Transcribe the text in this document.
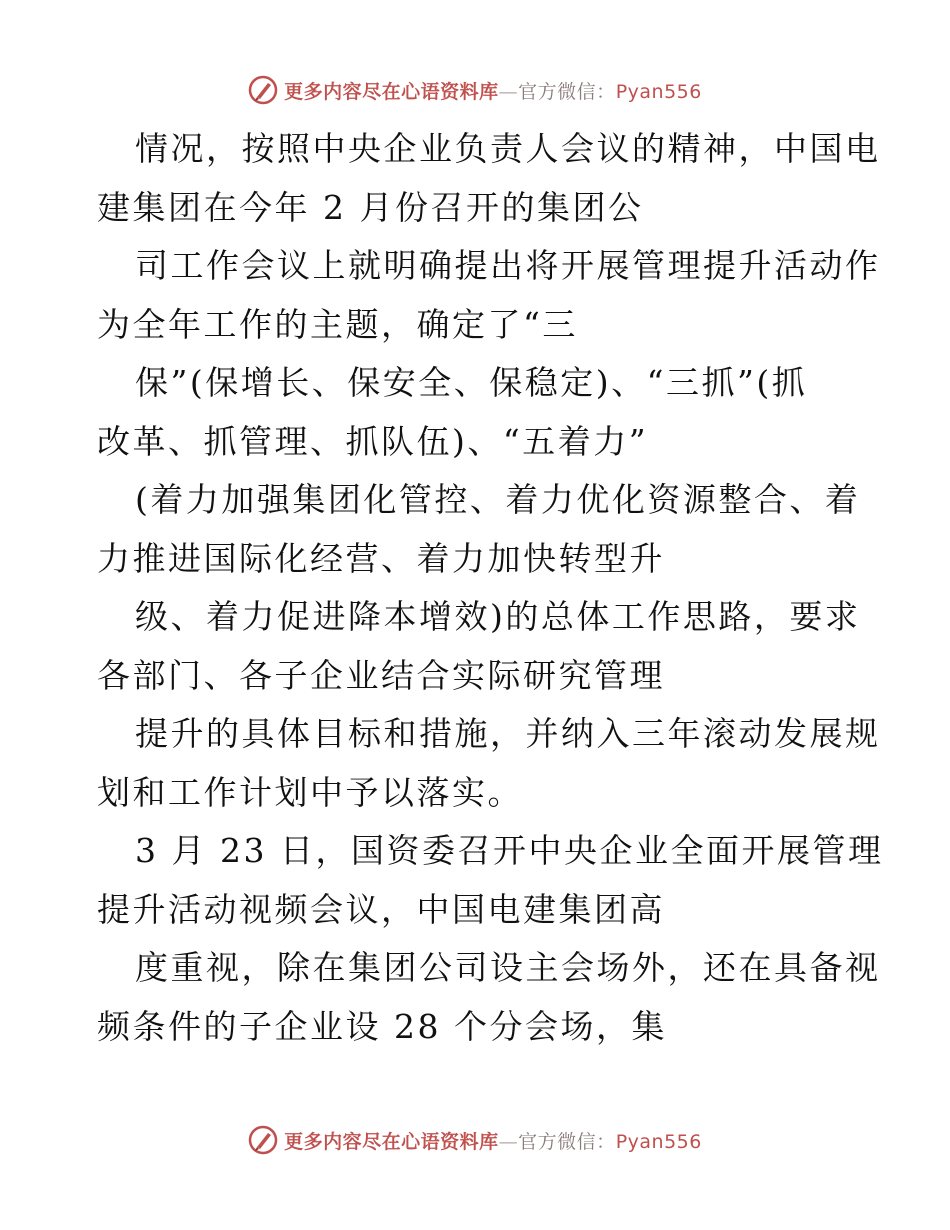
更多内容尽在心语资料库—官方微信：Pyan556
情况，按照中央企业负责人会议的精神，中国电
建集团在今年 2 月份召开的集团公
司工作会议上就明确提出将开展管理提升活动作
为全年工作的主题，确定了“三
保”(保增长、保安全、保稳定)、“三抓”(抓
改革、抓管理、抓队伍)、“五着力”
(着力加强集团化管控、着力优化资源整合、着
力推进国际化经营、着力加快转型升
级、着力促进降本增效)的总体工作思路，要求
各部门、各子企业结合实际研究管理
提升的具体目标和措施，并纳入三年滚动发展规
划和工作计划中予以落实。
3 月 23 日，国资委召开中央企业全面开展管理
提升活动视频会议，中国电建集团高
度重视，除在集团公司设主会场外，还在具备视
频条件的子企业设 28 个分会场，集
更多内容尽在心语资料库—官方微信：Pyan556
